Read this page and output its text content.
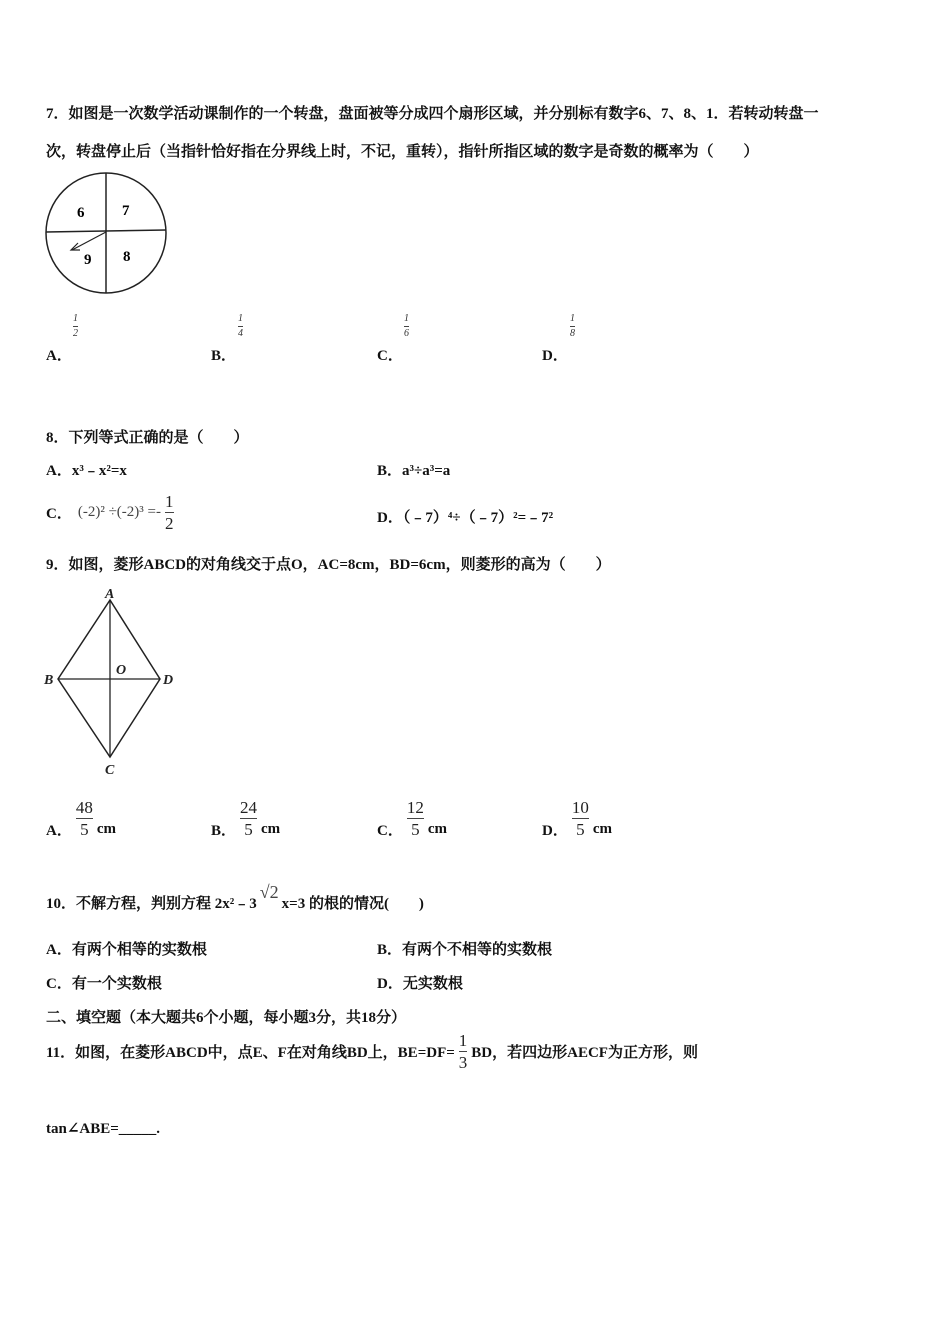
7．如图是一次数学活动课制作的一个转盘，盘面被等分成四个扇形区域，并分别标有数字6、7、8、1．若转动转盘一
次，转盘停止后（当指针恰好指在分界线上时，不记，重转），指针所指区域的数字是奇数的概率为（　　）
6	7
9 8
1
2
A．
1
4
B．
1
6
C．
1
8
D．
8．下列等式正确的是（　　）
A．x³﹣x²=x	B．a³÷a³=a
C． $(-2)^2 \div(-2)^3 =- \frac{1}{2}$	D．（﹣7）⁴÷（﹣7）²=﹣7²
9．如图，菱形ABCD的对角线交于点O，AC=8cm，BD=6cm，则菱形的高为（　　）
A
B
C
D
O
A． $\frac{48}{5}$ cm	B． $\frac{24}{5}$ cm	C． $\frac{12}{5}$ cm	D． $\frac{10}{5}$ cm
10．不解方程，判别方程 2x²﹣3√2x=3 的根的情况(　　)
A．有两个相等的实数根	B．有两个不相等的实数根
C．有一个实数根	D．无实数根
二、填空题（本大题共6个小题，每小题3分，共18分）
11．如图，在菱形ABCD中，点E、F在对角线BD上，$BE=DF= \frac{1}{3}$ BD，若四边形AECF为正方形，则
tan∠ABE=_____.
